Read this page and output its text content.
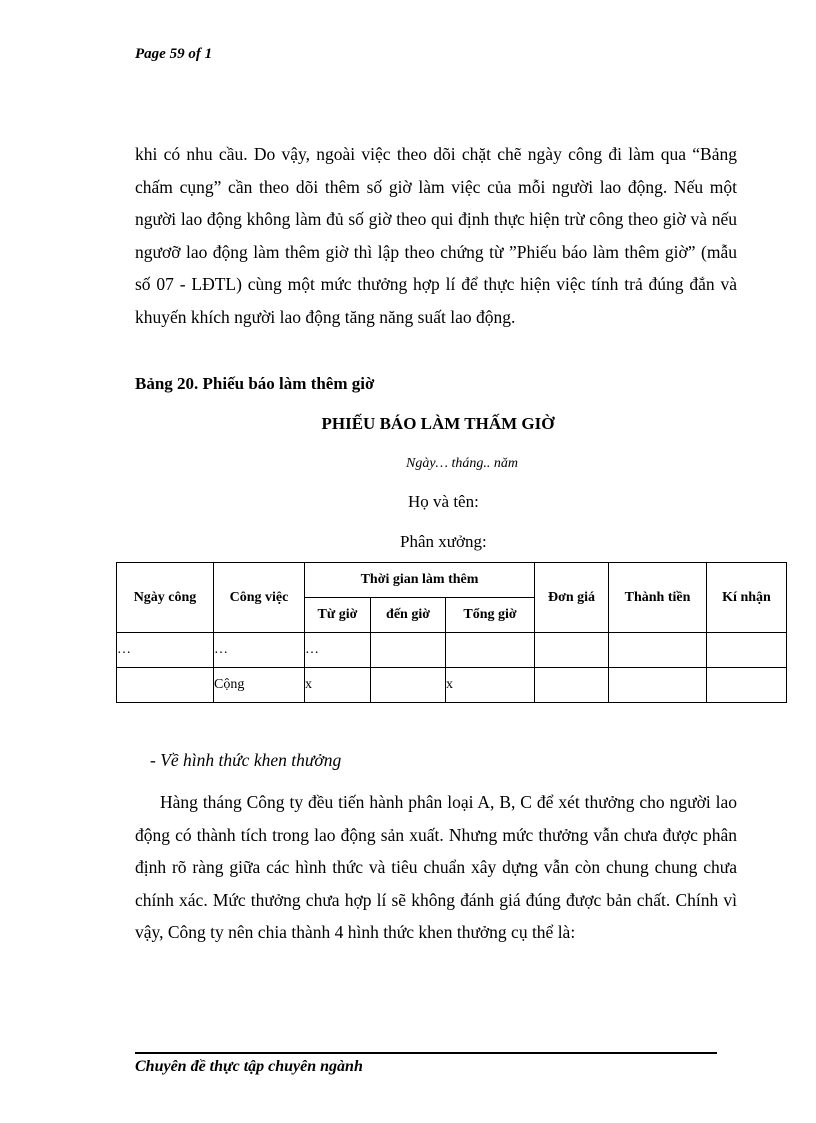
Page 59 of 1

khi có nhu cầu. Do vậy, ngoài việc theo dõi chặt chẽ ngày công đi làm qua “Bảng chấm cụng” cần theo dõi thêm số giờ làm việc của mỗi người lao động. Nếu một người lao động không làm đủ số giờ theo qui định thực hiện trừ công theo giờ và nếu ngươỡ lao động làm thêm giờ thì lập theo chứng từ ”Phiếu báo làm thêm giờ” (mẫu số 07 - LĐTL) cùng một mức thưởng hợp lí để thực hiện việc tính trả đúng đắn và khuyến khích người lao động tăng năng suất lao động.

Bảng 20. Phiếu báo làm thêm giờ
PHIẾU BÁO LÀM THẤM GIỜ
Ngày… tháng.. năm
Họ và tên:
Phân xưởng:
Ngày công	Công việc	Thời gian làm thêm			Đơn giá	Thành tiền	Kí nhận
		Từ giờ	đến giờ	Tổng giờ			
…	…	…					
	Cộng	x		x			
- Về hình thức khen thưởng

Hàng tháng Công ty đều tiến hành phân loại A, B, C để xét thưởng cho người lao động có thành tích trong lao động sản xuất. Nhưng mức thưởng vẫn chưa được phân định rõ ràng giữa các hình thức và tiêu chuẩn xây dựng vẫn còn chung chung chưa chính xác. Mức thưởng chưa hợp lí sẽ không đánh giá đúng được bản chất. Chính vì vậy, Công ty nên chia thành 4 hình thức khen thưởng cụ thể là:

Chuyên đề thực tập chuyên ngành
